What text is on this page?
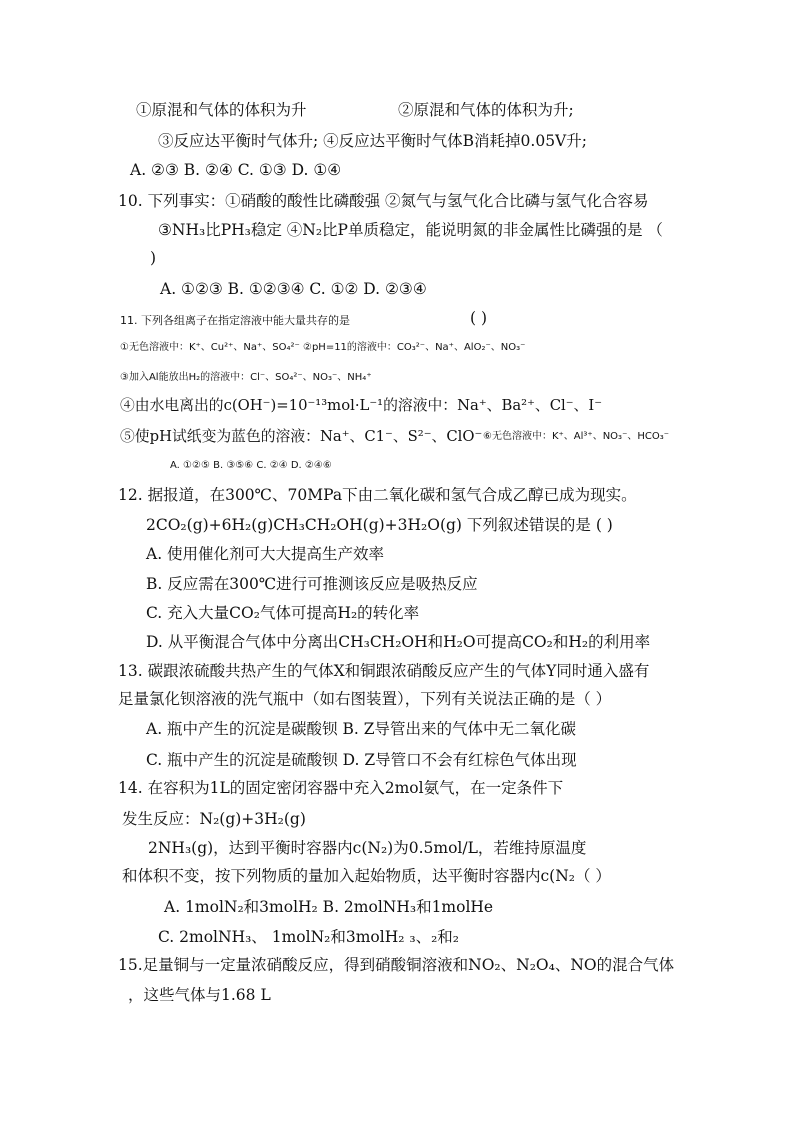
①原混和气体的体积为升	②原混和气体的体积为升;
③反应达平衡时气体升; ④反应达平衡时气体B消耗掉0.05V升;
A. ②③ B. ②④ C. ①③ D. ①④
10. 下列事实：①硝酸的酸性比磷酸强 ②氮气与氢气化合比磷与氢气化合容易
③NH₃比PH₃稳定 ④N₂比P单质稳定，能说明氮的非金属性比磷强的是 （
)
A. ①②③ B. ①②③④ C. ①② D. ②③④
11. 下列各组离子在指定溶液中能大量共存的是	( )
①无色溶液中：K⁺、Cu²⁺、Na⁺、SO₄²⁻ ②pH=11的溶液中：CO₃²⁻、Na⁺、AlO₂⁻、NO₃⁻
③加入Al能放出H₂的溶液中：Cl⁻、SO₄²⁻、NO₃⁻、NH₄⁺
④由水电离出的c(OH⁻)=10⁻¹³mol·L⁻¹的溶液中：Na⁺、Ba²⁺、Cl⁻、I⁻
⑤使pH试纸变为蓝色的溶液：Na⁺、C1⁻、S²⁻、ClO⁻ ⑥无色溶液中：K⁺、Al³⁺、NO₃⁻、HCO₃⁻
A. ①②⑤ B. ③⑤⑥ C. ②④ D. ②④⑥
12. 据报道，在300℃、70MPa下由二氧化碳和氢气合成乙醇已成为现实。
2CO₂(g)+6H₂(g)CH₃CH₂OH(g)+3H₂O(g) 下列叙述错误的是 ( )
A. 使用催化剂可大大提高生产效率
B. 反应需在300℃进行可推测该反应是吸热反应
C. 充入大量CO₂气体可提高H₂的转化率
D. 从平衡混合气体中分离出CH₃CH₂OH和H₂O可提高CO₂和H₂的利用率
13. 碳跟浓硫酸共热产生的气体X和铜跟浓硝酸反应产生的气体Y同时通入盛有
足量氯化钡溶液的洗气瓶中（如右图装置），下列有关说法正确的是（ ）
A. 瓶中产生的沉淀是碳酸钡 B. Z导管出来的气体中无二氧化碳
C. 瓶中产生的沉淀是硫酸钡 D. Z导管口不会有红棕色气体出现
14. 在容积为1L的固定密闭容器中充入2mol氨气，在一定条件下
发生反应：N₂(g)+3H₂(g)
2NH₃(g)，达到平衡时容器内c(N₂)为0.5mol/L，若维持原温度
和体积不变，按下列物质的量加入起始物质，达平衡时容器内c(N₂（ ）
A. 1molN₂和3molH₂ B. 2molNH₃和1molHe
C. 2molNH₃、 1molN₂和3molH₂ ₃、₂和₂
15.足量铜与一定量浓硝酸反应，得到硝酸铜溶液和NO₂、N₂O₄、NO的混合气体
，这些气体与1.68 L
